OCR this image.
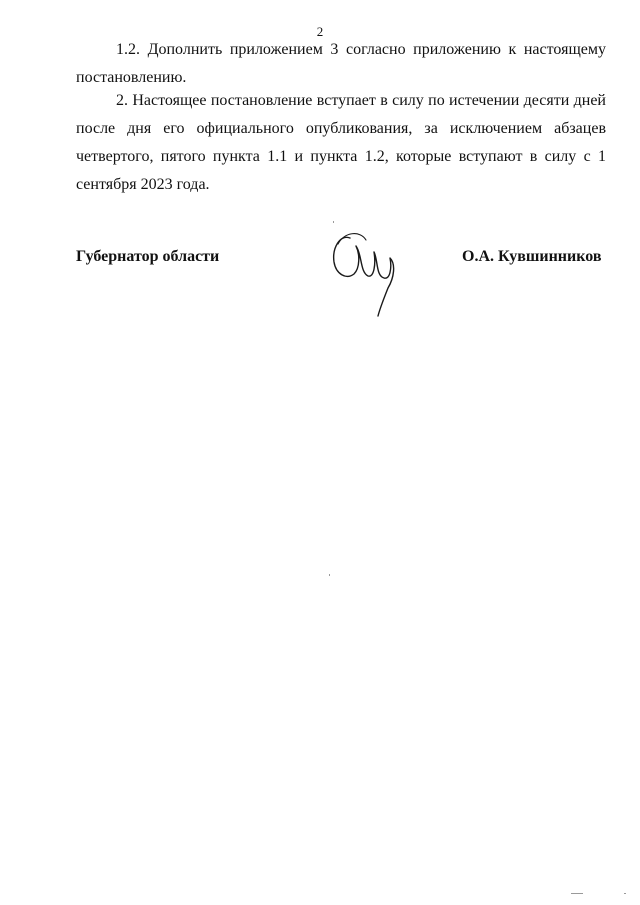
2

1.2. Дополнить приложением 3 согласно приложению к настоящему постановлению.

2. Настоящее постановление вступает в силу по истечении десяти дней после дня его официального опубликования, за исключением абзацев четвертого, пятого пункта 1.1 и пункта 1.2, которые вступают в силу с 1 сентября 2023 года.

Губернатор области	О.А. Кувшинников
